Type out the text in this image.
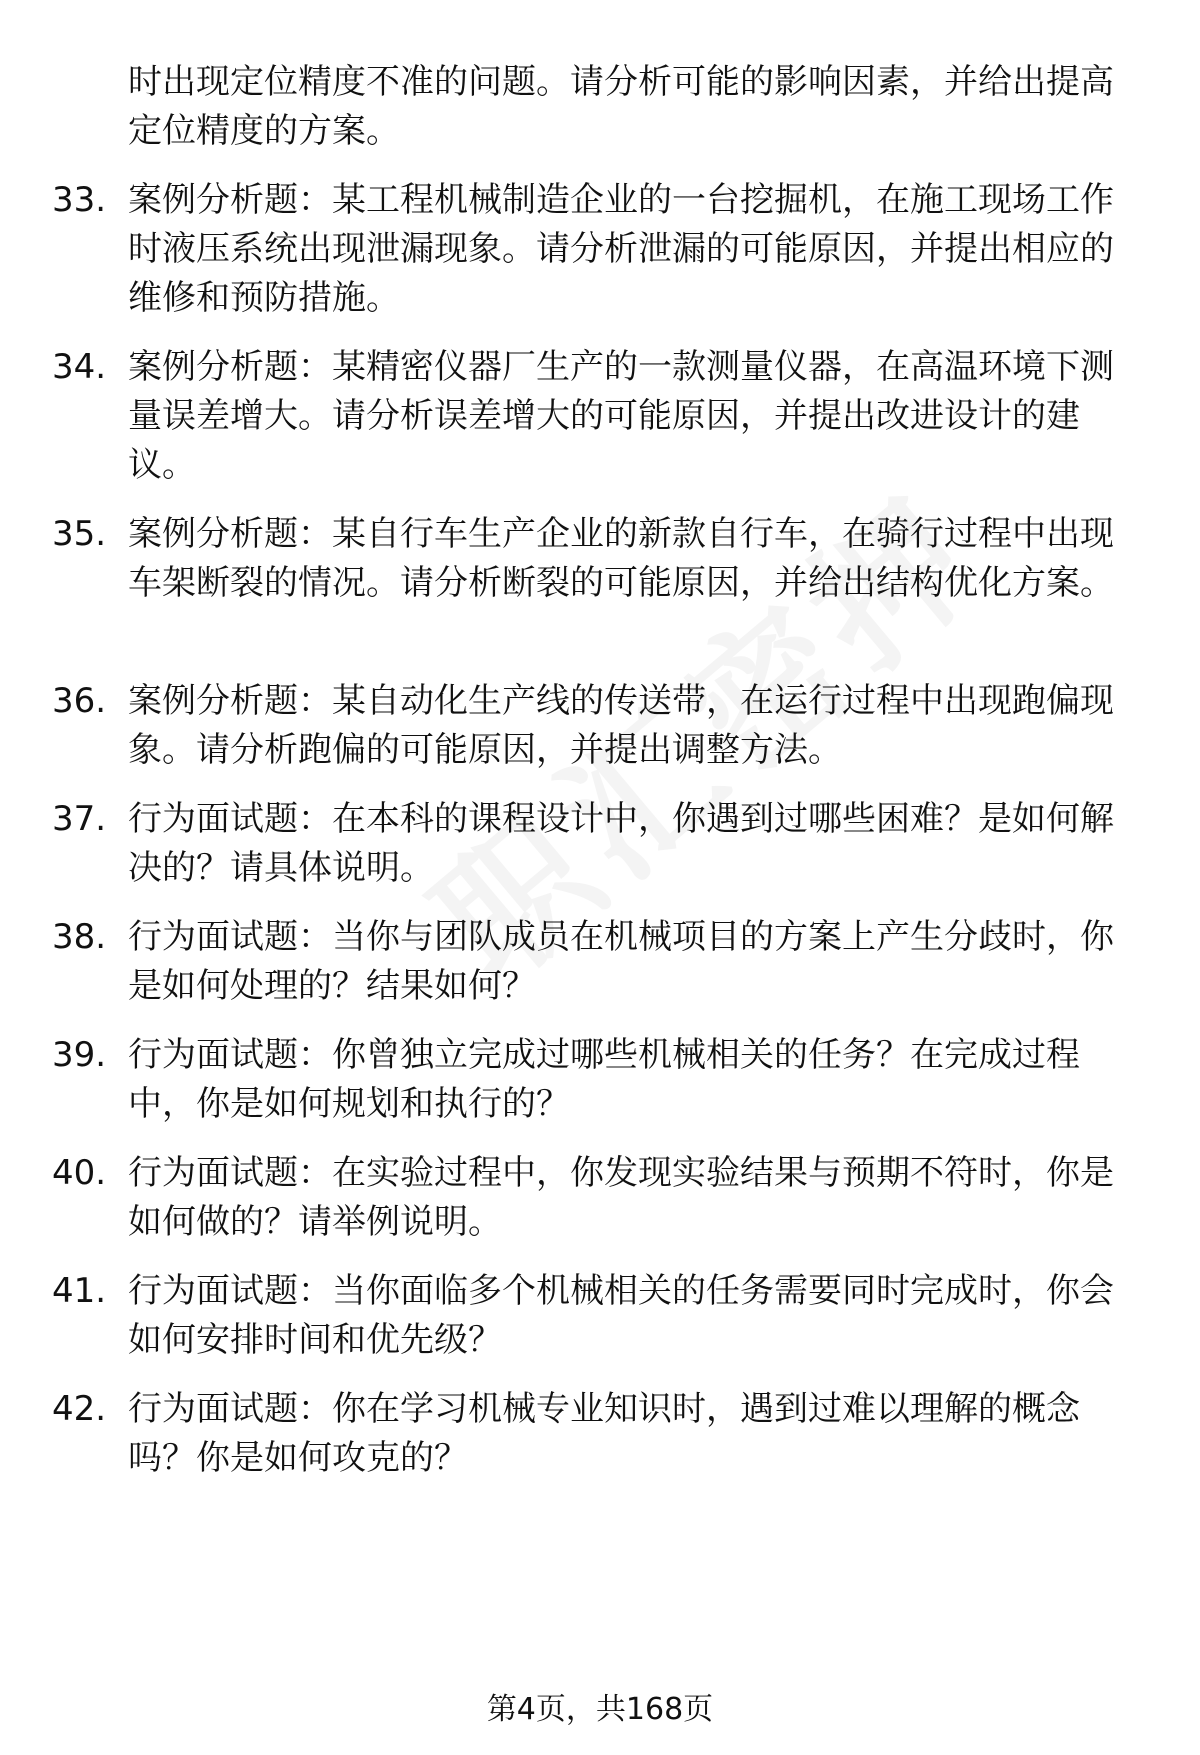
时出现定位精度不准的问题。请分析可能的影响因素，并给出提高定位精度的方案。
33. 案例分析题：某工程机械制造企业的一台挖掘机，在施工现场工作时液压系统出现泄漏现象。请分析泄漏的可能原因，并提出相应的维修和预防措施。
34. 案例分析题：某精密仪器厂生产的一款测量仪器，在高温环境下测量误差增大。请分析误差增大的可能原因，并提出改进设计的建议。
35. 案例分析题：某自行车生产企业的新款自行车，在骑行过程中出现车架断裂的情况。请分析断裂的可能原因，并给出结构优化方案。
36. 案例分析题：某自动化生产线的传送带，在运行过程中出现跑偏现象。请分析跑偏的可能原因，并提出调整方法。
37. 行为面试题：在本科的课程设计中，你遇到过哪些困难？是如何解决的？请具体说明。
38. 行为面试题：当你与团队成员在机械项目的方案上产生分歧时，你是如何处理的？结果如何？
39. 行为面试题：你曾独立完成过哪些机械相关的任务？在完成过程中，你是如何规划和执行的？
40. 行为面试题：在实验过程中，你发现实验结果与预期不符时，你是如何做的？请举例说明。
41. 行为面试题：当你面临多个机械相关的任务需要同时完成时，你会如何安排时间和优先级？
42. 行为面试题：你在学习机械专业知识时，遇到过难以理解的概念吗？你是如何攻克的？
第4页，共168页
